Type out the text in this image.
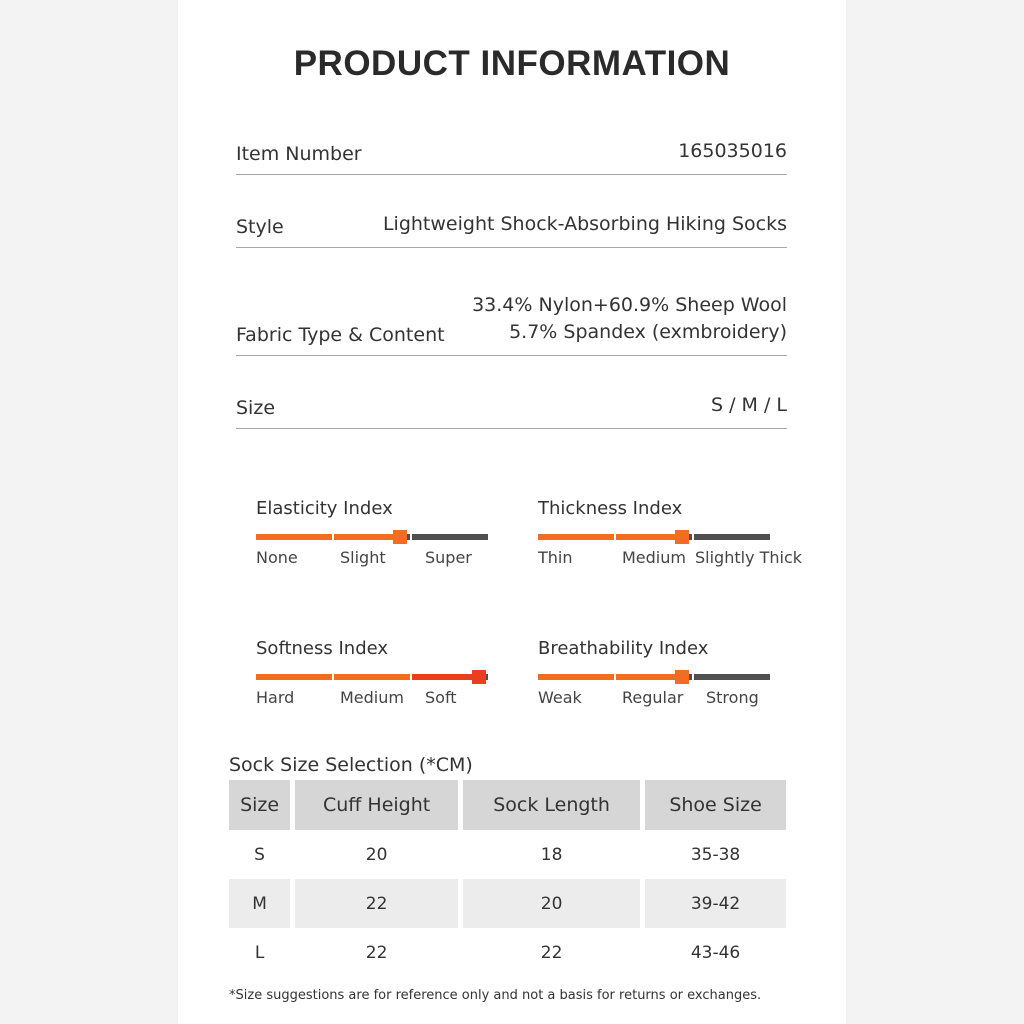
PRODUCT INFORMATION
Item Number	165035016
Style	Lightweight Shock-Absorbing Hiking Socks
Fabric Type & Content
33.4% Nylon+60.9% Sheep Wool
5.7% Spandex (exmbroidery)
Size	S / M / L
Elasticity Index
None	Slight Super
Thickness Index
Thin	Medium Slightly Thick
Softness Index
Hard	Medium Soft
Breathability Index
Weak	Regular Strong
Sock Size Selection (*CM)
Size	Cuff Height	Sock Length	Shoe Size
S	20	18	35-38
M	22	20	39-42
L	22	22	43-46
*Size suggestions are for reference only and not a basis for returns or exchanges.
